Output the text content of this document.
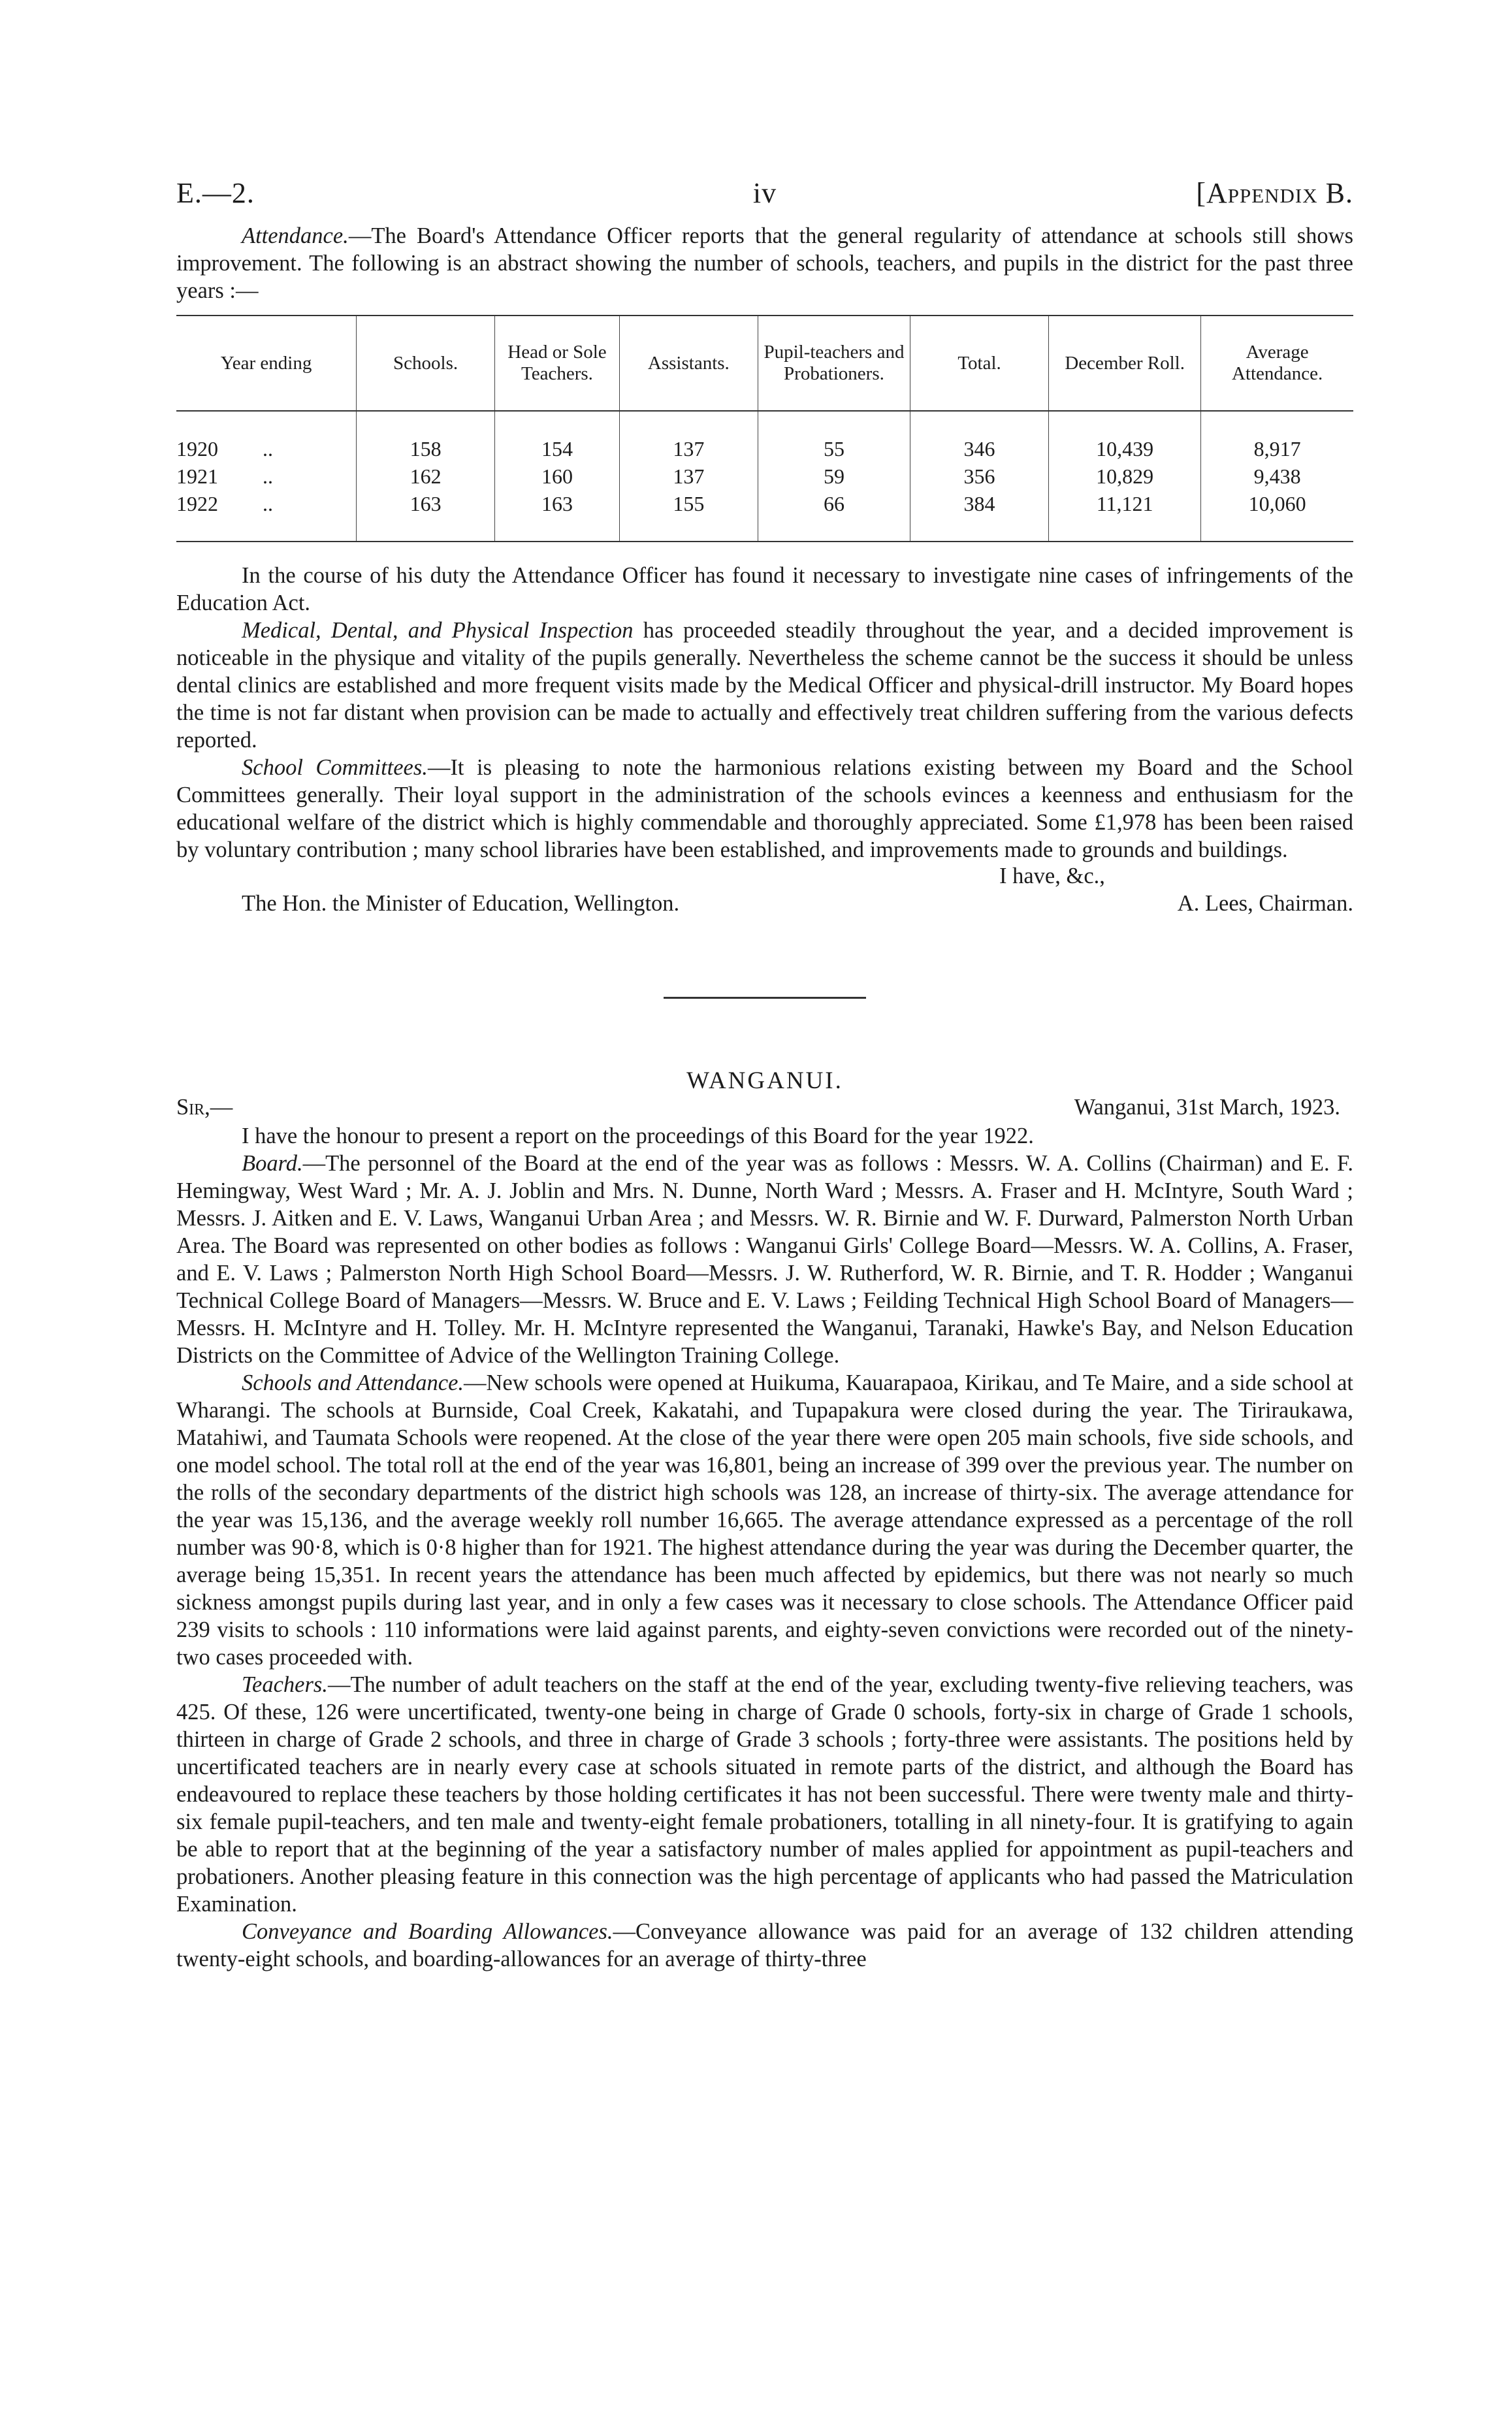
E.—2.	iv	[Appendix B.

Attendance.—The Board's Attendance Officer reports that the general regularity of attendance at schools still shows improvement. The following is an abstract showing the number of schools, teachers, and pupils in the district for the past three years :—

Year ending	Schools.	Head or Sole Teachers.	Assistants.	Pupil-teachers and Probationers.	Total.	December Roll.	Average Attendance.
1920 ..	158	154	137	55	346	10,439	8,917
1921 ..	162	160	137	59	356	10,829	9,438
1922 ..	163	163	155	66	384	11,121	10,060

In the course of his duty the Attendance Officer has found it necessary to investigate nine cases of infringements of the Education Act.

Medical, Dental, and Physical Inspection has proceeded steadily throughout the year, and a decided improvement is noticeable in the physique and vitality of the pupils generally. Nevertheless the scheme cannot be the success it should be unless dental clinics are established and more frequent visits made by the Medical Officer and physical-drill instructor. My Board hopes the time is not far distant when provision can be made to actually and effectively treat children suffering from the various defects reported.

School Committees.—It is pleasing to note the harmonious relations existing between my Board and the School Committees generally. Their loyal support in the administration of the schools evinces a keenness and enthusiasm for the educational welfare of the district which is highly commendable and thoroughly appreciated. Some £1,978 has been been raised by voluntary contribution ; many school libraries have been established, and improvements made to grounds and buildings.

I have, &c.,
The Hon. the Minister of Education, Wellington.	A. Lees, Chairman.
WANGANUI.
Sir,—	Wanganui, 31st March, 1923.

I have the honour to present a report on the proceedings of this Board for the year 1922.

Board.—The personnel of the Board at the end of the year was as follows : Messrs. W. A. Collins (Chairman) and E. F. Hemingway, West Ward ; Mr. A. J. Joblin and Mrs. N. Dunne, North Ward ; Messrs. A. Fraser and H. McIntyre, South Ward ; Messrs. J. Aitken and E. V. Laws, Wanganui Urban Area ; and Messrs. W. R. Birnie and W. F. Durward, Palmerston North Urban Area. The Board was represented on other bodies as follows : Wanganui Girls' College Board—Messrs. W. A. Collins, A. Fraser, and E. V. Laws ; Palmerston North High School Board—Messrs. J. W. Rutherford, W. R. Birnie, and T. R. Hodder ; Wanganui Technical College Board of Managers—Messrs. W. Bruce and E. V. Laws ; Feilding Technical High School Board of Managers—Messrs. H. McIntyre and H. Tolley. Mr. H. McIntyre represented the Wanganui, Taranaki, Hawke's Bay, and Nelson Education Districts on the Committee of Advice of the Wellington Training College.

Schools and Attendance.—New schools were opened at Huikuma, Kauarapaoa, Kirikau, and Te Maire, and a side school at Wharangi. The schools at Burnside, Coal Creek, Kakatahi, and Tupapakura were closed during the year. The Tiriraukawa, Matahiwi, and Taumata Schools were reopened. At the close of the year there were open 205 main schools, five side schools, and one model school. The total roll at the end of the year was 16,801, being an increase of 399 over the previous year. The number on the rolls of the secondary departments of the district high schools was 128, an increase of thirty-six. The average attendance for the year was 15,136, and the average weekly roll number 16,665. The average attendance expressed as a percentage of the roll number was 90·8, which is 0·8 higher than for 1921. The highest attendance during the year was during the December quarter, the average being 15,351. In recent years the attendance has been much affected by epidemics, but there was not nearly so much sickness amongst pupils during last year, and in only a few cases was it necessary to close schools. The Attendance Officer paid 239 visits to schools : 110 informations were laid against parents, and eighty-seven convictions were recorded out of the ninety-two cases proceeded with.

Teachers.—The number of adult teachers on the staff at the end of the year, excluding twenty-five relieving teachers, was 425. Of these, 126 were uncertificated, twenty-one being in charge of Grade 0 schools, forty-six in charge of Grade 1 schools, thirteen in charge of Grade 2 schools, and three in charge of Grade 3 schools ; forty-three were assistants. The positions held by uncertificated teachers are in nearly every case at schools situated in remote parts of the district, and although the Board has endeavoured to replace these teachers by those holding certificates it has not been successful. There were twenty male and thirty-six female pupil-teachers, and ten male and twenty-eight female probationers, totalling in all ninety-four. It is gratifying to again be able to report that at the beginning of the year a satisfactory number of males applied for appointment as pupil-teachers and probationers. Another pleasing feature in this connection was the high percentage of applicants who had passed the Matriculation Examination.

Conveyance and Boarding Allowances.—Conveyance allowance was paid for an average of 132 children attending twenty-eight schools, and boarding-allowances for an average of thirty-three
